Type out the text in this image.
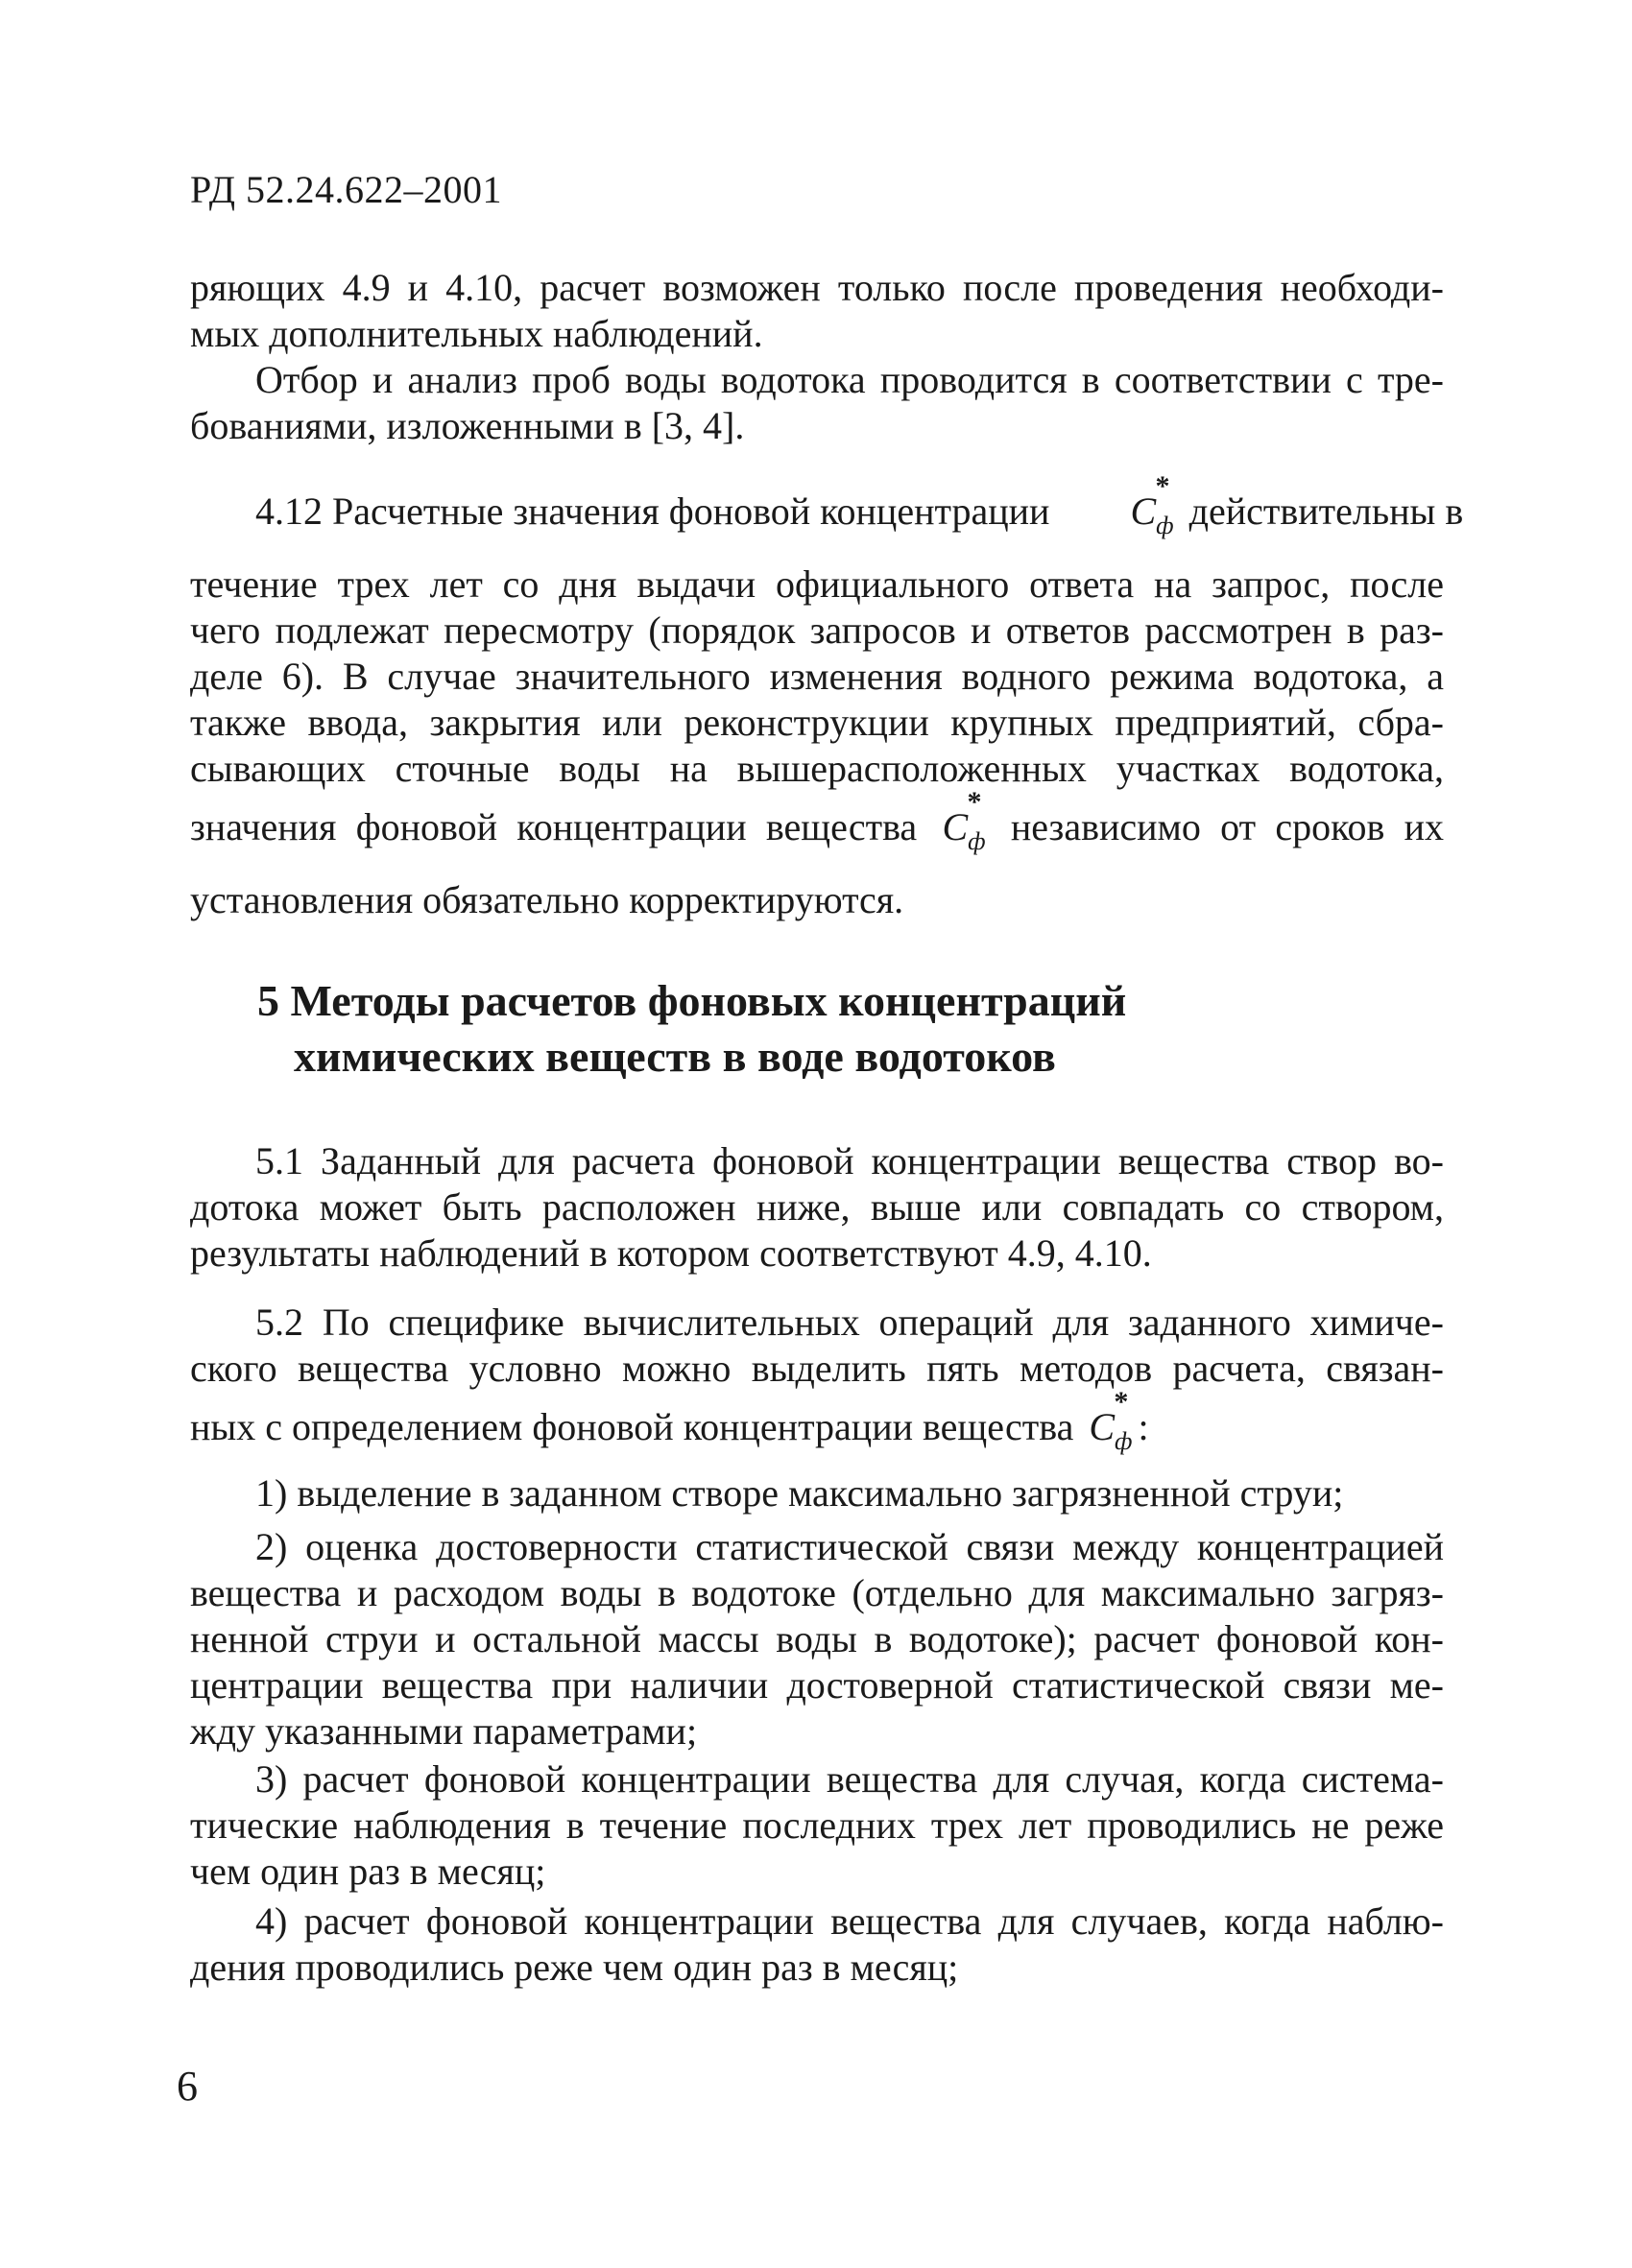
РД 52.24.622–2001
ряющих 4.9 и 4.10, расчет возможен только после проведения необходи-
мых дополнительных наблюдений.
Отбор и анализ проб воды водотока проводится в соответствии с тре-
бованиями, изложенными в [3, 4].
4.12 Расчетные значения фоновой концентрации $C_ф$
*
действительны в
течение трех лет со дня выдачи официального ответа на запрос, после
чего подлежат пересмотру (порядок запросов и ответов рассмотрен в раз-
деле 6). В случае значительного изменения водного режима водотока, а
также ввода, закрытия или реконструкции крупных предприятий, сбра-
сывающих сточные воды на вышерасположенных участках водотока,
значения фоновой концентрации вещества $C_ф$
*
независимо от сроков их
установления обязательно корректируются.
5 Методы расчетов фоновых концентраций
химических веществ в воде водотоков
5.1 Заданный для расчета фоновой концентрации вещества створ во-
дотока может быть расположен ниже, выше или совпадать со створом,
результаты наблюдений в котором соответствуют 4.9, 4.10.
5.2 По специфике вычислительных операций для заданного химиче-
ского вещества условно можно выделить пять методов расчета, связан-
ных с определением фоновой концентрации вещества $C_ф$
*
:
1) выделение в заданном створе максимально загрязненной струи;
2) оценка достоверности статистической связи между концентрацией
вещества и расходом воды в водотоке (отдельно для максимально загряз-
ненной струи и остальной массы воды в водотоке); расчет фоновой кон-
центрации вещества при наличии достоверной статистической связи ме-
жду указанными параметрами;
3) расчет фоновой концентрации вещества для случая, когда система-
тические наблюдения в течение последних трех лет проводились не реже
чем один раз в месяц;
4) расчет фоновой концентрации вещества для случаев, когда наблю-
дения проводились реже чем один раз в месяц;
6
